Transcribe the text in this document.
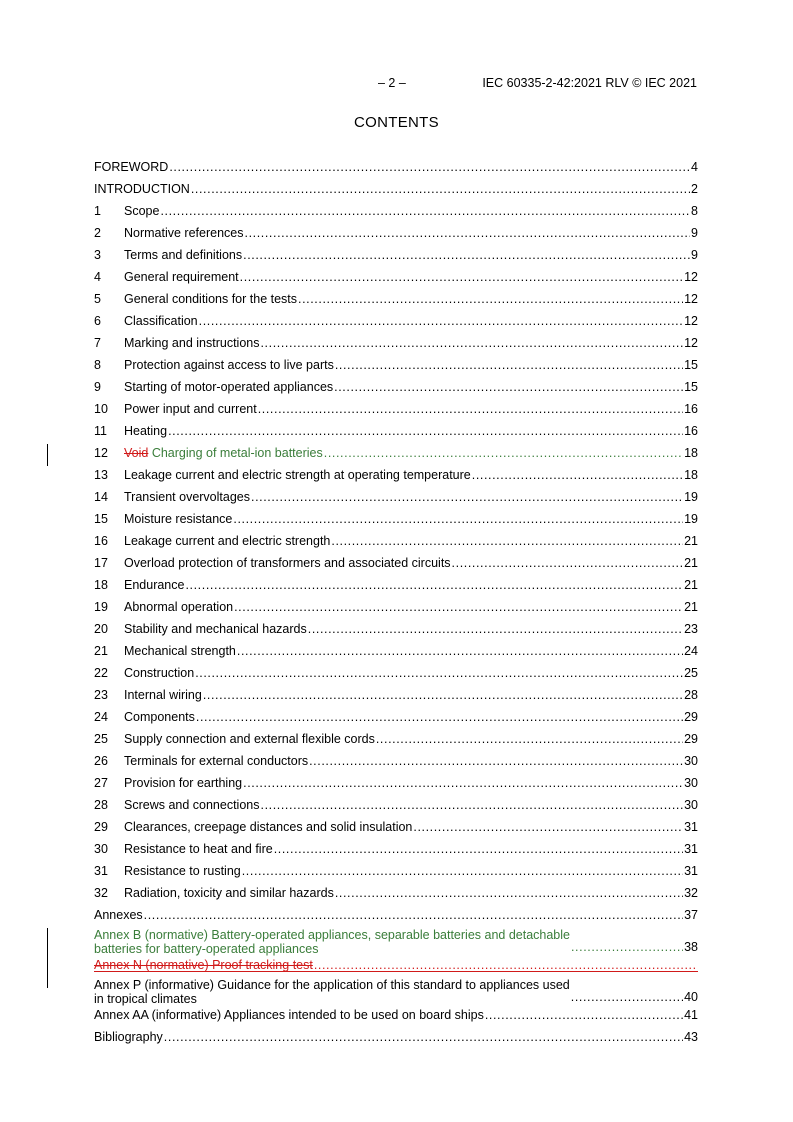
– 2 –	IEC 60335-2-42:2021 RLV © IEC 2021
CONTENTS
FOREWORD .....	4
INTRODUCTION .....	2
1	Scope .....	8
2	Normative references .....	9
3	Terms and definitions .....	9
4	General requirement .....	12
5	General conditions for the tests .....	12
6	Classification .....	12
7	Marking and instructions .....	12
8	Protection against access to live parts .....	15
9	Starting of motor-operated appliances .....	15
10	Power input and current .....	16
11	Heating .....	16
12	Void Charging of metal-ion batteries .....	18
13	Leakage current and electric strength at operating temperature .....	18
14	Transient overvoltages .....	19
15	Moisture resistance .....	19
16	Leakage current and electric strength .....	21
17	Overload protection of transformers and associated circuits .....	21
18	Endurance .....	21
19	Abnormal operation .....	21
20	Stability and mechanical hazards .....	23
21	Mechanical strength .....	24
22	Construction .....	25
23	Internal wiring .....	28
24	Components .....	29
25	Supply connection and external flexible cords .....	29
26	Terminals for external conductors .....	30
27	Provision for earthing .....	30
28	Screws and connections .....	30
29	Clearances, creepage distances and solid insulation .....	31
30	Resistance to heat and fire .....	31
31	Resistance to rusting .....	31
32	Radiation, toxicity and similar hazards .....	32
Annexes .....	37
Annex B (normative) Battery-operated appliances, separable batteries and detachable
batteries for battery-operated appliances .....	38
Annex N (normative) Proof tracking test
.....
Annex P (informative) Guidance for the application of this standard to appliances used
in tropical climates .....	40
Annex AA (informative) Appliances intended to be used on board ships .....	41
Bibliography .....	43
